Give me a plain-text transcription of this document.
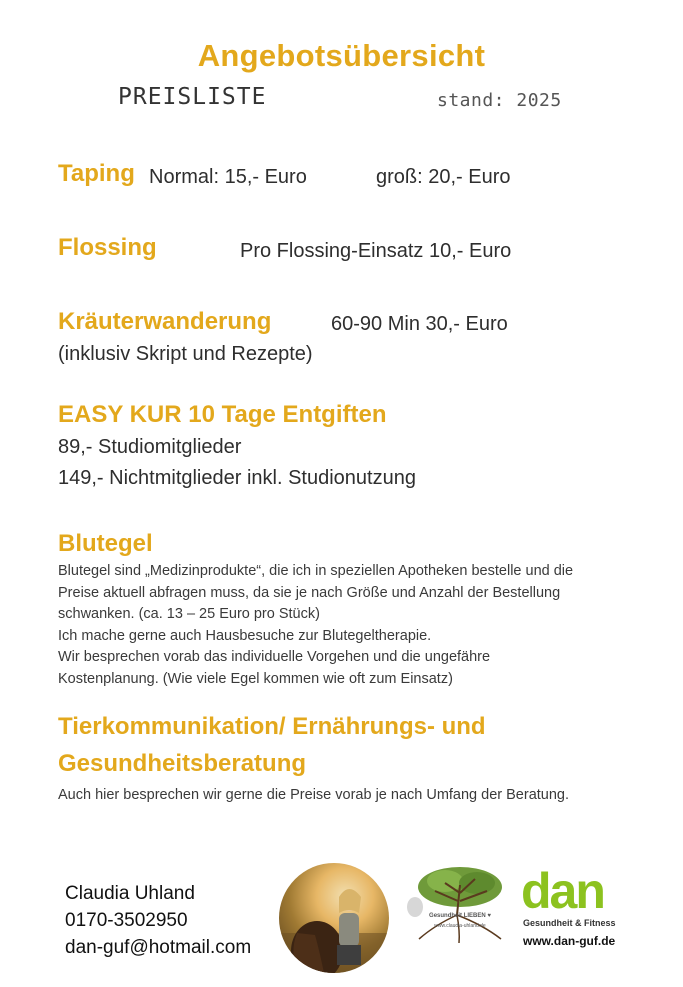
Angebotsübersicht
PREISLISTE	stand: 2025
Taping Normal: 15,- Euro	groß: 20,- Euro
Flossing	Pro Flossing-Einsatz 10,- Euro
Kräuterwanderung	60-90 Min 30,- Euro
(inklusiv Skript und Rezepte)
EASY KUR 10 Tage Entgiften
89,- Studiomitglieder
149,- Nichtmitglieder inkl. Studionutzung
Blutegel
Blutegel sind „Medizinprodukte“, die ich in speziellen Apotheken bestelle und die
Preise aktuell abfragen muss, da sie je nach Größe und Anzahl der Bestellung
schwanken. (ca. 13 – 25 Euro pro Stück)
Ich mache gerne auch Hausbesuche zur Blutegeltherapie.
Wir besprechen vorab das individuelle Vorgehen und die ungefähre
Kostenplanung. (Wie viele Egel kommen wie oft zum Einsatz)
Tierkommunikation/ Ernährungs- und
Gesundheitsberatung
Auch hier besprechen wir gerne die Preise vorab je nach Umfang der Beratung.
Claudia Uhland
0170-3502950
dan-guf@hotmail.com
Gesundheit LIEBEN ♥
www.claudia-uhland.de
dan
Gesundheit & Fitness
www.dan-guf.de
